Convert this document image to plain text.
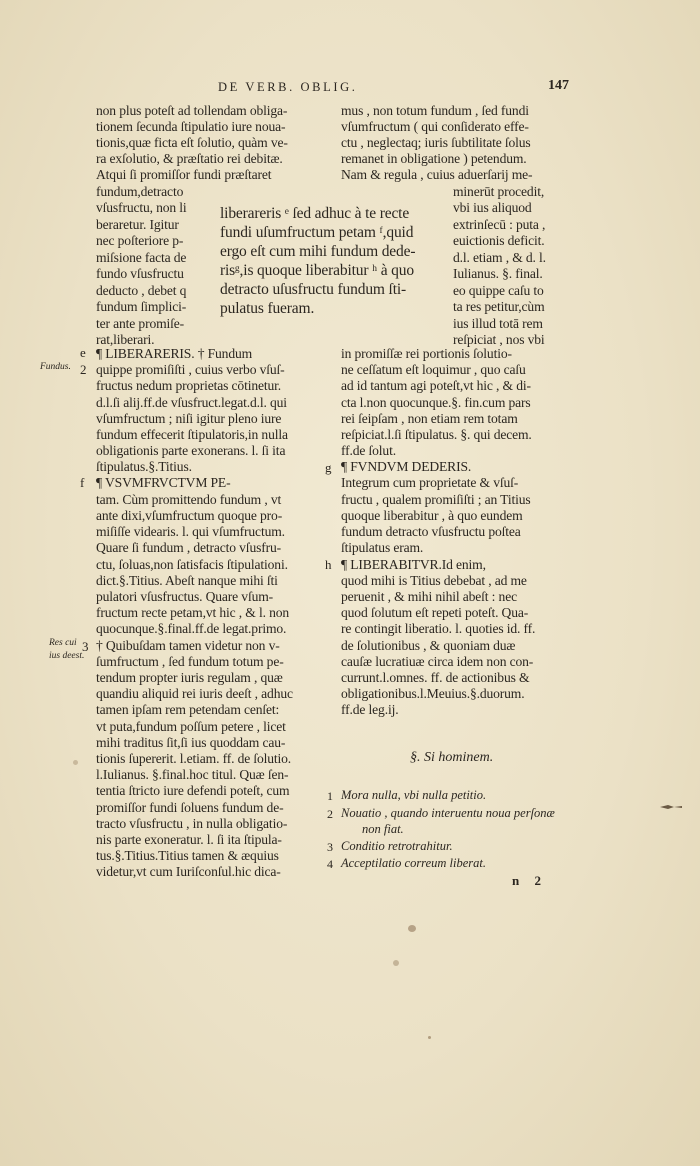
DE VERB. OBLIG.	147
non plus poteſt ad tollendam obliga-
tionem ſecunda ſtipulatio iure noua-
tionis,quæ ficta eſt ſolutio, quàm ve-
ra exſolutio, & præſtatio rei debitæ.
Atqui ſi promiſſor fundi præſtaret
fundum,detracto
vſusfructu, non li
beraretur. Igitur
nec poſteriore p-
miſsione facta de
fundo vſusfructu
deducto , debet q
fundum ſimplici-
ter ante promiſe-
rat,liberari.
liberareris ᵉ ſed adhuc à te recte
fundi uſumfructum petam ᶠ,quid
ergo eſt cum mihi fundum dede-
risᵍ,is quoque liberabitur ʰ à quo
detracto uſusfructu fundum ſti-
pulatus fueram.
mus , non totum fundum , ſed fundi
vſumfructum ( qui conſiderato effe-
ctu , neglectaq; iuris ſubtilitate ſolus
remanet in obligatione ) petendum.
Nam & regula , cuius aduerſarij me-
minerūt procedit,
vbi ius aliquod
extrinſecū : puta ,
euictionis deficit.
d.l. etiam , & d. l.
Iulianus. §. final.
eo quippe caſu to
ta res petitur,cùm
ius illud totā rem
reſpiciat , nos vbi
e
Fundus. 2
f
Res cui
ius deest.
3
¶ LIBERARERIS. † Fundum
quippe promiſiſti , cuius verbo vſuſ-
fructus nedum proprietas cōtinetur.
d.l.ſi alij.ff.de vſusfruct.legat.d.l. qui
vſumfructum ; niſi igitur pleno iure
fundum effecerit ſtipulatoris,in nulla
obligationis parte exonerans. l. ſi ita
ſtipulatus.§.Titius.
¶ VSVMFRVCTVM PE-
tam. Cùm promittendo fundum , vt
ante dixi,vſumfructum quoque pro-
miſiſſe videaris. l. qui vſumfructum.
Quare ſi fundum , detracto vſusfru-
ctu, ſoluas,non ſatisfacis ſtipulationi.
dict.§.Titius. Abeſt nanque mihi ſti
pulatori vſusfructus. Quare vſum-
fructum recte petam,vt hic , & l. non
quocunque.§.final.ff.de legat.primo.
† Quibuſdam tamen videtur non v-
ſumfructum , ſed fundum totum pe-
tendum propter iuris regulam , quæ
quandiu aliquid rei iuris deeſt , adhuc
tamen ipſam rem petendam cenſet:
vt puta,fundum poſſum petere , licet
mihi traditus ſit,ſi ius quoddam cau-
tionis ſupererit. l.etiam. ff. de ſolutio.
l.Iulianus. §.final.hoc titul. Quæ ſen-
tentia ſtricto iure defendi poteſt, cum
promiſſor fundi ſoluens fundum de-
tracto vſusfructu , in nulla obligatio-
nis parte exoneratur. l. ſi ita ſtipula-
tus.§.Titius.Titius tamen & æquius
videtur,vt cum Iuriſconſul.hic dica-
g
h
in promiſſæ rei portionis ſolutio-
ne ceſſatum eſt loquimur , quo caſu
ad id tantum agi poteſt,vt hic , & di-
cta l.non quocunque.§. fin.cum pars
rei ſeipſam , non etiam rem totam
reſpiciat.l.ſi ſtipulatus. §. qui decem.
ff.de ſolut.
¶ FVNDVM DEDERIS.
Integrum cum proprietate & vſuſ-
fructu , qualem promiſiſti ; an Titius
quoque liberabitur , à quo eundem
fundum detracto vſusfructu poſtea
ſtipulatus eram.
¶ LIBERABITVR.Id enim,
quod mihi is Titius debebat , ad me
peruenit , & mihi nihil abeſt : nec
quod ſolutum eſt repeti poteſt. Qua-
re contingit liberatio. l. quoties id. ff.
de ſolutionibus , & quoniam duæ
cauſæ lucratiuæ circa idem non con-
currunt.l.omnes. ff. de actionibus &
obligationibus.l.Meuius.§.duorum.
ff.de leg.ij.
§. Si hominem.
1 Mora nulla, vbi nulla petitio.
2 Nouatio , quando interuentu noua perſonæ
non fiat.
3 Conditio retrotrahitur.
4 Acceptilatio correum liberat.
n 2
